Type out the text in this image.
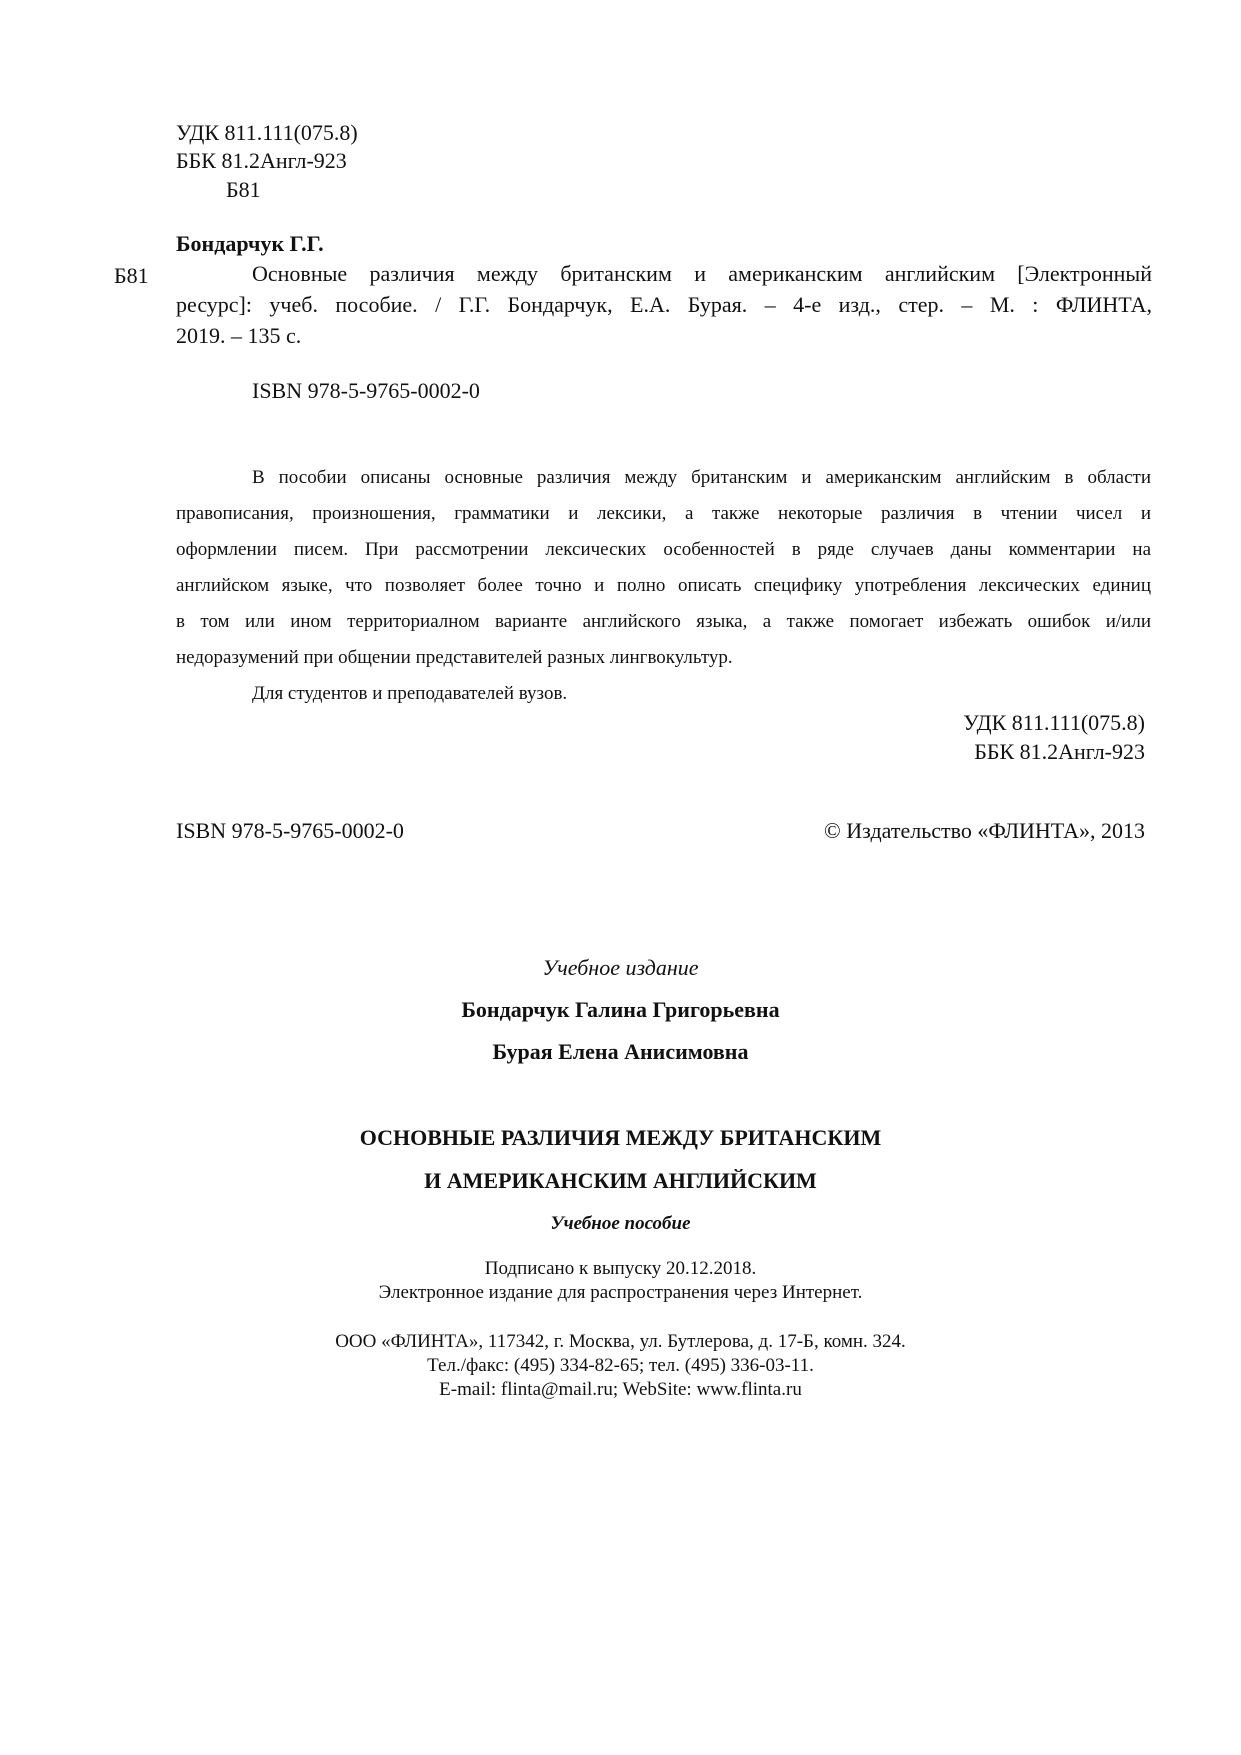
УДК 811.111(075.8)
ББК 81.2Англ-923
Б81
Бондарчук Г.Г.
Б81	Основные различия между британским и американским английским [Электронный
ресурс]: учеб. пособие. / Г.Г. Бондарчук, Е.А. Бурая. – 4-е изд., стер. – М. : ФЛИНТА,
2019. – 135 с.
ISBN 978-5-9765-0002-0
В пособии описаны основные различия между британским и американским английским в области
правописания, произношения, грамматики и лексики, а также некоторые различия в чтении чисел и
оформлении писем. При рассмотрении лексических особенностей в ряде случаев даны комментарии на
английском языке, что позволяет более точно и полно описать специфику употребления лексических единиц
в том или ином территориалном варианте английского языка, а также помогает избежать ошибок и/или
недоразумений при общении представителей разных лингвокультур.
Для студентов и преподавателей вузов.
УДК 811.111(075.8)
ББК 81.2Англ-923
ISBN 978-5-9765-0002-0	© Издательство «ФЛИНТА», 2013
Учебное издание
Бондарчук Галина Григорьевна
Бурая Елена Анисимовна
ОСНОВНЫЕ РАЗЛИЧИЯ МЕЖДУ БРИТАНСКИМ
И АМЕРИКАНСКИМ АНГЛИЙСКИМ
Учебное пособие
Подписано к выпуску 20.12.2018.
Электронное издание для распространения через Интернет.
ООО «ФЛИНТА», 117342, г. Москва, ул. Бутлерова, д. 17-Б, комн. 324.
Тел./факс: (495) 334-82-65; тел. (495) 336-03-11.
E-mail: flinta@mail.ru; WebSite: www.flinta.ru
